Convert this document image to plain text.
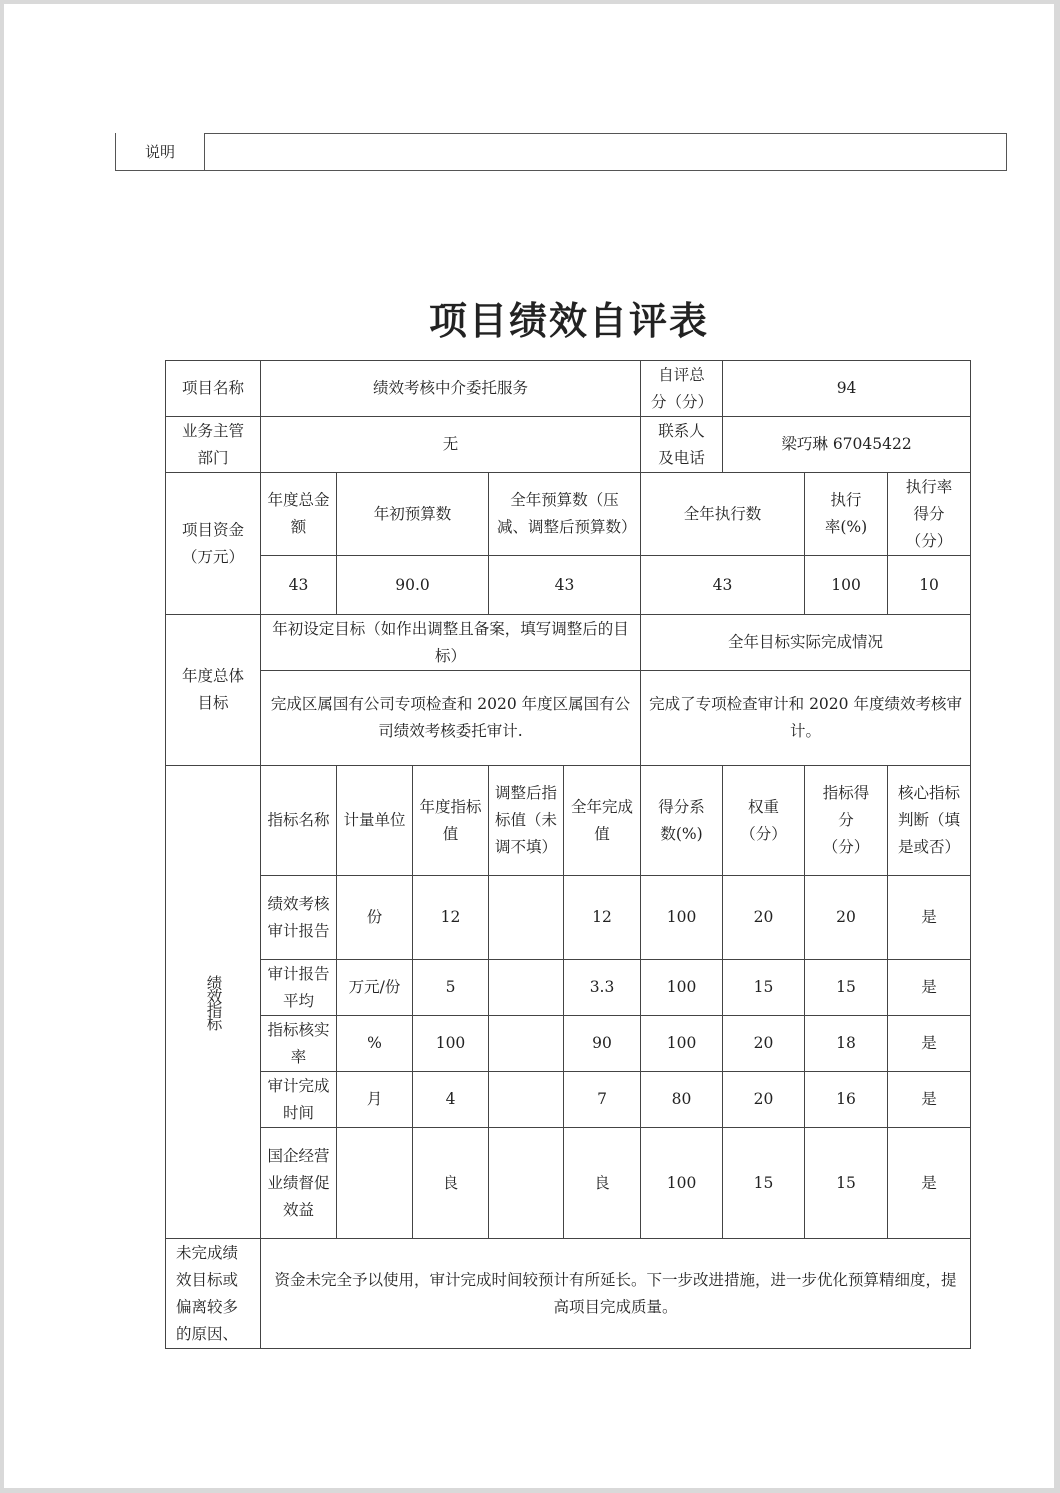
说明
项目绩效自评表
项目名称	绩效考核中介委托服务					自评总分（分）	94		
业务主管部门	无					联系人及电话	梁巧琳 67045422		
项目资金（万元）	年度总金额	年初预算数		全年预算数（压减、调整后预算数）		全年执行数		执行率(%)	执行率得分（分）
	43	90.0		43		43		100	10
年度总体目标	年初设定目标（如作出调整且备案，填写调整后的目标）					全年目标实际完成情况			
	完成区属国有公司专项检查和 2020 年度区属国有公司绩效考核委托审计.					完成了专项检查审计和 2020 年度绩效考核审计。			

绩效指标	指标名称	计量单位	年度指标值	调整后指标值（未调不填）	全年完成值	得分系数(%)	权重（分）	指标得分（分）	核心指标判断（填是或否）
	绩效考核审计报告	份	12		12	100	20	20	是
	审计报告平均	万元/份	5		3.3	100	15	15	是
	指标核实率	%	100		90	100	20	18	是
	审计完成时间	月	4		7	80	20	16	是
	国企经营业绩督促效益		良		良	100	15	15	是
未完成绩效目标或偏离较多的原因、	资金未完全予以使用，审计完成时间较预计有所延长。下一步改进措施，进一步优化预算精细度，提高项目完成质量。								
